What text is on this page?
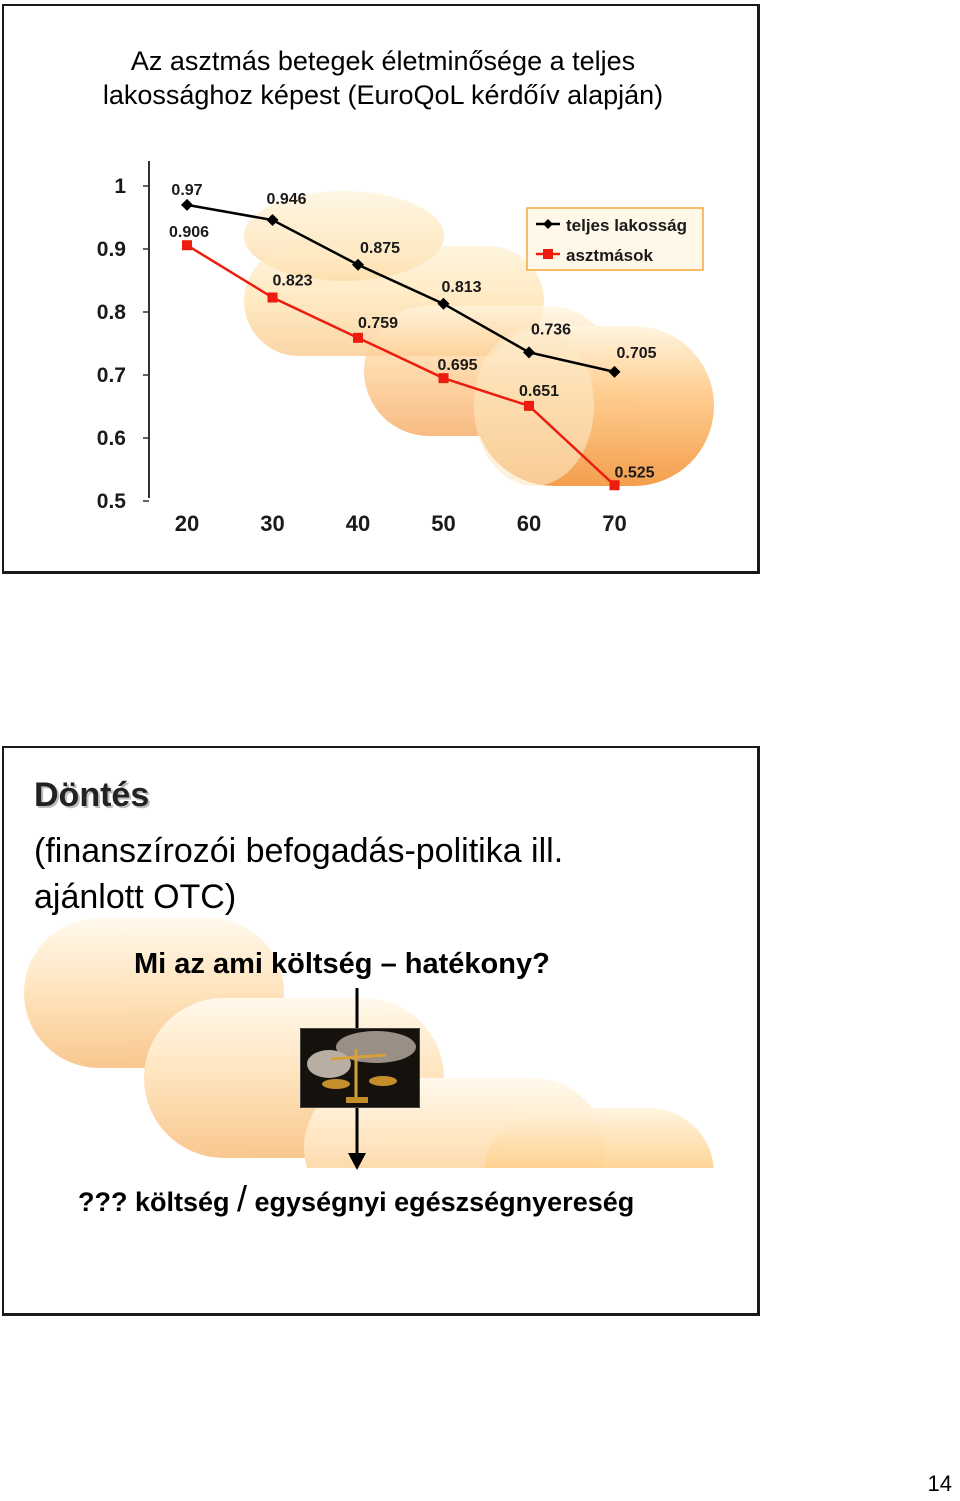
Az asztmás betegek életminősége a teljes
lakossághoz képest (EuroQoL kérdőív alapján)
1
0.9
0.8
0.7
0.6
0.5
20	30	40	50	60	70
0.97
0.946
0.875
0.813
0.736
0.705
0.906
0.823
0.759
0.695
0.651
0.525
teljes lakosság
asztmások
Döntés
(finanszírozói befogadás-politika ill.
ajánlott OTC)
Mi az ami költség – hatékony?
??? költség / egységnyi egészségnyereség
14
